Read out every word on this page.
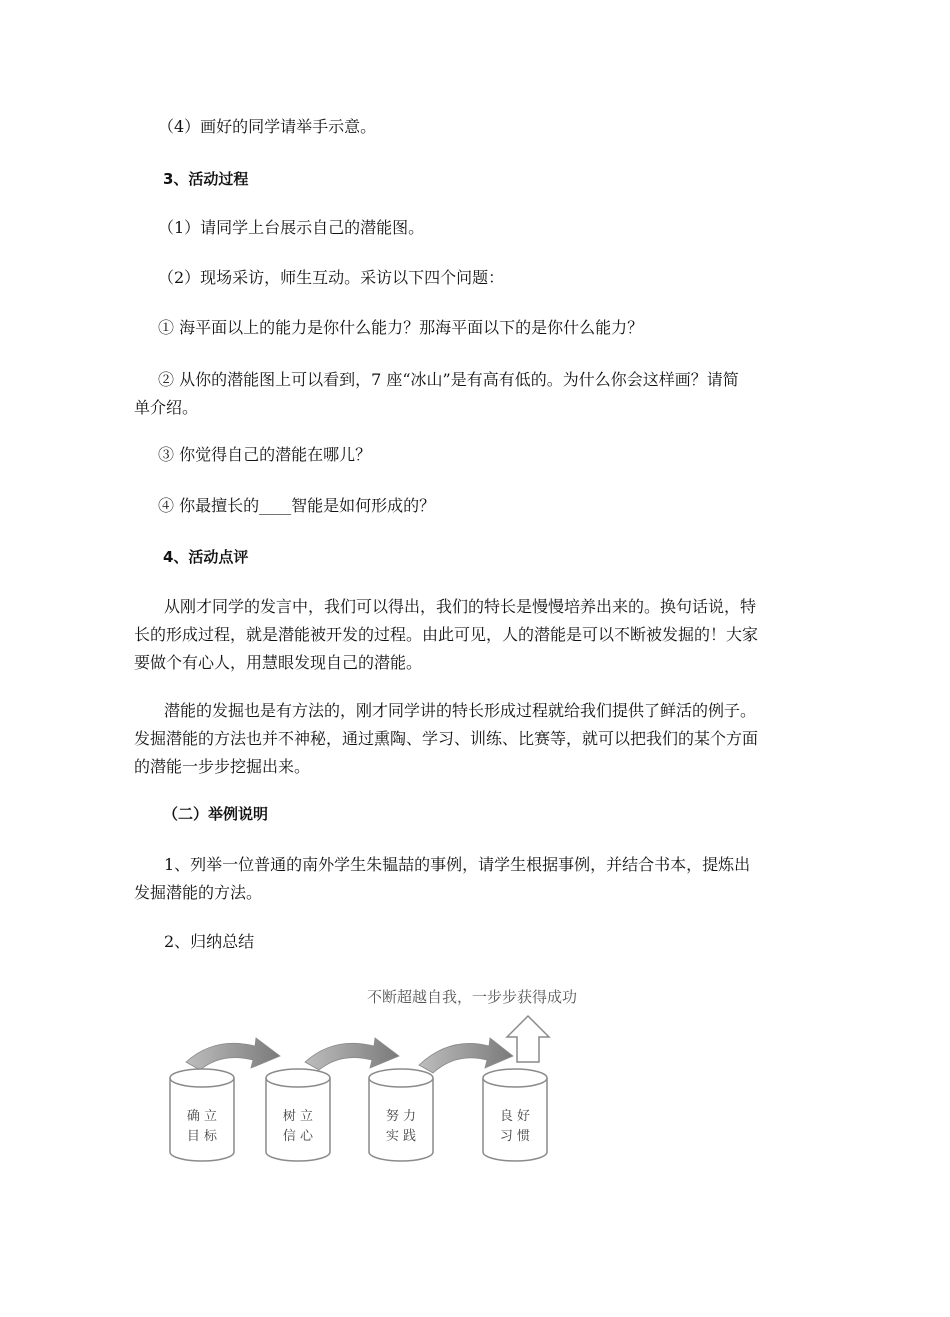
（4）画好的同学请举手示意。
3、活动过程
（1）请同学上台展示自己的潜能图。
（2）现场采访，师生互动。采访以下四个问题：
① 海平面以上的能力是你什么能力？那海平面以下的是你什么能力？
② 从你的潜能图上可以看到，7 座“冰山”是有高有低的。为什么你会这样画？请简
单介绍。
③ 你觉得自己的潜能在哪儿？
④ 你最擅长的____智能是如何形成的？
4、活动点评
从刚才同学的发言中，我们可以得出，我们的特长是慢慢培养出来的。换句话说，特
长的形成过程，就是潜能被开发的过程。由此可见，人的潜能是可以不断被发掘的！大家
要做个有心人，用慧眼发现自己的潜能。
潜能的发掘也是有方法的，刚才同学讲的特长形成过程就给我们提供了鲜活的例子。
发掘潜能的方法也并不神秘，通过熏陶、学习、训练、比赛等，就可以把我们的某个方面
的潜能一步步挖掘出来。
（二）举例说明
1、列举一位普通的南外学生朱韫喆的事例，请学生根据事例，并结合书本，提炼出
发掘潜能的方法。
2、归纳总结
不断超越自我，一步步获得成功
确 立
目 标
树 立
信 心
努 力
实 践
良 好
习 惯
